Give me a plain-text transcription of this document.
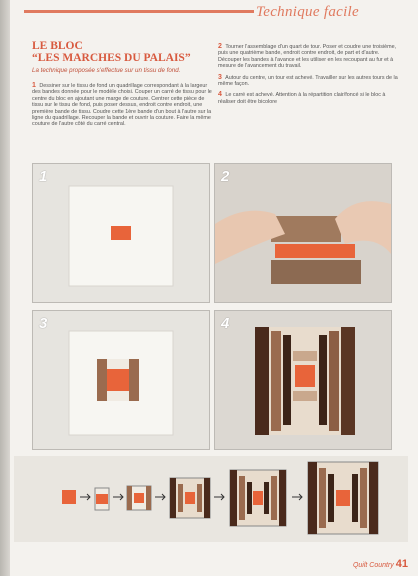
Technique facile
LE BLOC
“LES MARCHES DU PALAIS”
La technique proposée s'effectue sur un tissu de fond.
1 Dessiner sur le tissu de fond un quadrillage correspondant à la largeur des bandes donnée pour le modèle choisi. Couper un carré de tissu pour le centre du bloc en ajoutant une marge de couture. Centrer cette pièce de tissu sur le tissu de fond, puis poser dessus, endroit contre endroit, une première bande de tissu. Coudre cette 1ère bande d'un bout à l'autre sur la ligne du quadrillage. Recouper la bande et ouvrir la couture. Faire la même couture de l'autre côté du carré central.
2 Tourner l'assemblage d'un quart de tour. Poser et coudre une troisième, puis une quatrième bande, endroit contre endroit, de part et d'autre. Découper les bandes à l'avance et les utiliser en les recoupant au fur et à mesure de l'avancement du travail.
3 Autour du centre, un tour est achevé. Travailler sur les autres tours de la même façon.
4 Le carré est achevé. Attention à la répartition clair/foncé si le bloc à réaliser doit être bicolore
1	2
3	4
Quilt Country 41
